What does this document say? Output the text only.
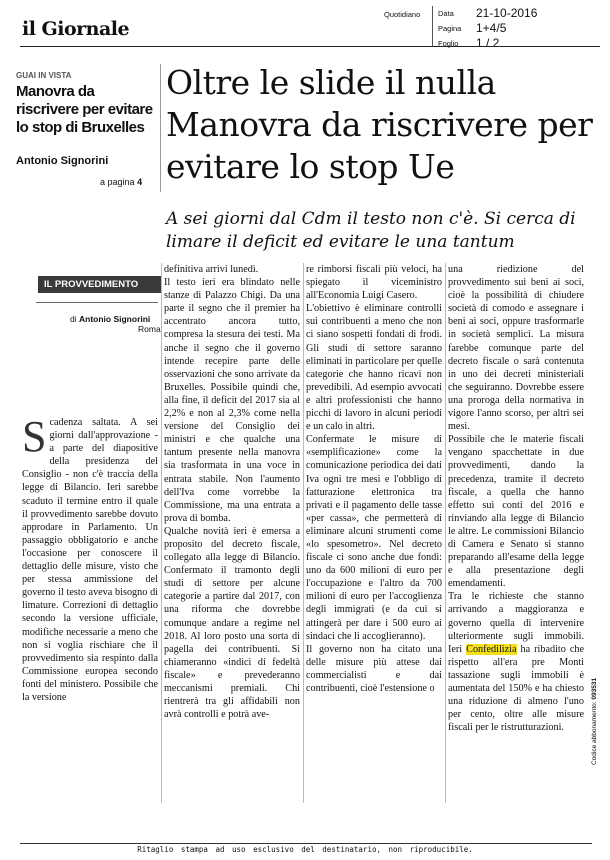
il Giornale
Quotidiano Data 21-10-2016
Pagina 1+4/5
Foglio 1 / 2
GUAI IN VISTA
Manovra da riscrivere per evitare lo stop di Bruxelles
Antonio Signorini
a pagina 4
Oltre le slide il nulla Manovra da riscrivere per evitare lo stop Ue
A sei giorni dal Cdm il testo non c'è. Si cerca di limare il deficit ed evitare le una tantum
IL PROVVEDIMENTO
di Antonio Signorini
Roma
Scadenza saltata. A sei giorni dall'approvazione - a parte del diapositive della presidenza del Consiglio - non c'è traccia della legge di Bilancio. Ieri sarebbe scaduto il termine entro il quale il provvedimento sarebbe dovuto approdare in Parlamento. Un passaggio obbligatorio e anche l'occasione per conoscere il dettaglio delle misure, visto che per stessa ammissione del governo il testo aveva bisogno di limature. Correzioni di dettaglio secondo la versione ufficiale, modifiche necessarie a meno che non si voglia rischiare che il provvedimento sia respinto dalla Commissione europea secondo fonti del ministero. Possibile che la versione
definitiva arrivi lunedì.
Il testo ieri era blindato nelle stanze di Palazzo Chigi. Da una parte il segno che il premier ha accentrato ancora tutto, compresa la stesura dei testi. Ma anche il segno che il governo intende recepire parte delle osservazioni che sono arrivate da Bruxelles. Possibile quindi che, alla fine, il deficit del 2017 sia al 2,2% e non al 2,3% come nella versione del Consiglio dei ministri e che qualche una tantum presente nella manovra sia trasformata in una voce in entrata stabile. Non l'aumento dell'Iva come vorrebbe la Commissione, ma una entrata a prova di bomba.
Qualche novità ieri è emersa a proposito del decreto fiscale, collegato alla legge di Bilancio. Confermato il tramonto degli studi di settore per alcune categorie a partire dal 2017, con una riforma che dovrebbe comunque andare a regime nel 2018. Al loro posto una sorta di pagella dei contribuenti. Si chiameranno «indici di fedeltà fiscale» e prevederanno meccanismi premiali. Chi rientrerà tra gli affidabili non avrà controlli e potrà ave-
re rimborsi fiscali più veloci, ha spiegato il viceministro all'Economia Luigi Casero.
L'obiettivo è eliminare controlli sui contribuenti a meno che non ci siano sospetti fondati di frodi. Gli studi di settore saranno eliminati in particolare per quelle categorie che hanno ricavi non prevedibili. Ad esempio avvocati e altri professionisti che hanno picchi di lavoro in alcuni periodi e un calo in altri.
Confermate le misure di «semplificazione» come la comunicazione periodica dei dati Iva ogni tre mesi e l'obbligo di fatturazione elettronica tra privati e il pagamento delle tasse «per cassa», che permetterà di eliminare alcuni strumenti come «lo spesometro». Nel decreto fiscale ci sono anche due fondi: uno da 600 milioni di euro per l'occupazione e l'altro da 700 milioni di euro per l'accoglienza degli immigrati (e da cui si attingerà per dare i 500 euro ai sindaci che li accoglieranno).
Il governo non ha citato una delle misure più attese dai commercialisti e dai contribuenti, cioè l'estensione o
una riedizione del provvedimento sui beni ai soci, cioè la possibilità di chiudere società di comodo e assegnare i beni ai soci, oppure trasformarle in società semplici. La misura farebbe comunque parte del decreto fiscale o sarà contenuta in uno dei decreti ministeriali che seguiranno. Dovrebbe essere una proroga della normativa in vigore l'anno scorso, per altri sei mesi.
Possibile che le materie fiscali vengano spacchettate in due provvedimenti, dando la precedenza, tramite il decreto fiscale, a quella che hanno effetto sui conti del 2016 e rinviando alla legge di Bilancio le altre. Le commissioni Bilancio di Camera e Senato si stanno preparando all'esame della legge e alla presentazione degli emendamenti.
Tra le richieste che stanno arrivando a maggioranza e governo quella di intervenire ulteriormente sugli immobili. Ieri Confedilizia ha ribadito che rispetto all'era pre Monti tassazione sugli immobili è aumentata del 150% e ha chiesto una riduzione di almeno l'uno per cento, oltre alle misure fiscali per le ristrutturazioni.	Codice abbonamento: 093531
Ritaglio stampa ad uso esclusivo del destinatario, non riproducibile.
